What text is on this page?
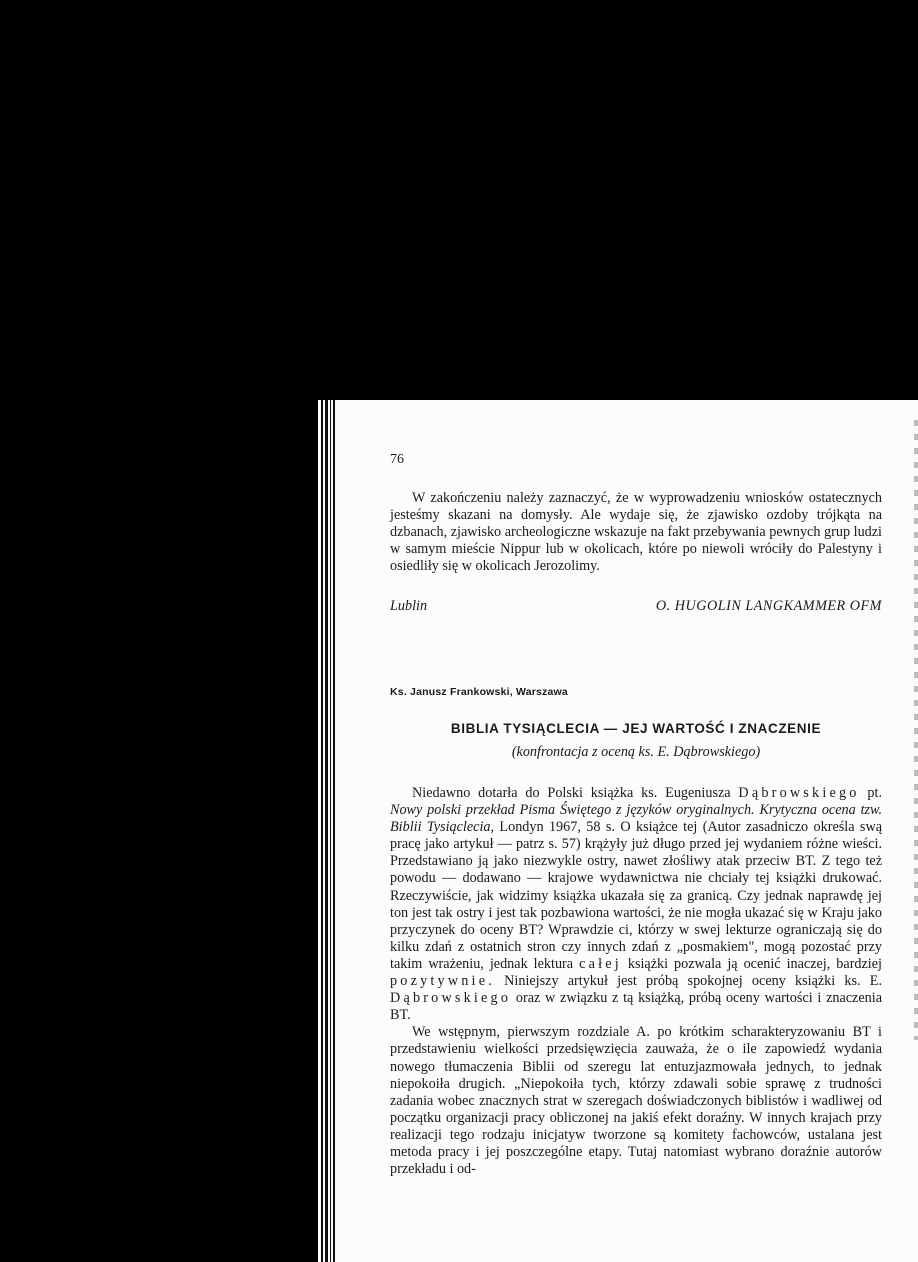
76

W zakończeniu należy zaznaczyć, że w wyprowadzeniu wniosków ostatecznych jesteśmy skazani na domysły. Ale wydaje się, że zjawisko ozdoby trójkąta na dzbanach, zjawisko archeologiczne wskazuje na fakt przebywania pewnych grup ludzi w samym mieście Nippur lub w okolicach, które po niewoli wróciły do Palestyny i osiedliły się w okolicach Jerozolimy.

Lublin	O. HUGOLIN LANGKAMMER OFM
Ks. Janusz Frankowski, Warszawa
BIBLIA TYSIĄCLECIA — JEJ WARTOŚĆ I ZNACZENIE
(konfrontacja z oceną ks. E. Dąbrowskiego)

Niedawno dotarła do Polski książka ks. Eugeniusza Dąbrowskiego pt. Nowy polski przekład Pisma Świętego z języków oryginalnych. Krytyczna ocena tzw. Biblii Tysiąclecia, Londyn 1967, 58 s. O książce tej (Autor zasadniczo określa swą pracę jako artykuł — patrz s. 57) krążyły już długo przed jej wydaniem różne wieści. Przedstawiano ją jako niezwykle ostry, nawet złośliwy atak przeciw BT. Z tego też powodu — dodawano — krajowe wydawnictwa nie chciały tej książki drukować. Rzeczywiście, jak widzimy książka ukazała się za granicą. Czy jednak naprawdę jej ton jest tak ostry i jest tak pozbawiona wartości, że nie mogła ukazać się w Kraju jako przyczynek do oceny BT? Wprawdzie ci, którzy w swej lekturze ograniczają się do kilku zdań z ostatnich stron czy innych zdań z „posmakiem", mogą pozostać przy takim wrażeniu, jednak lektura całej książki pozwala ją ocenić inaczej, bardziej pozytywnie. Niniejszy artykuł jest próbą spokojnej oceny książki ks. E. Dąbrowskiego oraz w związku z tą książką, próbą oceny wartości i znaczenia BT.

We wstępnym, pierwszym rozdziale A. po krótkim scharakteryzowaniu BT i przedstawieniu wielkości przedsięwzięcia zauważa, że o ile zapowiedź wydania nowego tłumaczenia Biblii od szeregu lat entuzjazmowała jednych, to jednak niepokoiła drugich. „Niepokoiła tych, którzy zdawali sobie sprawę z trudności zadania wobec znacznych strat w szeregach doświadczonych biblistów i wadliwej od początku organizacji pracy obliczonej na jakiś efekt doraźny. W innych krajach przy realizacji tego rodzaju inicjatyw tworzone są komitety fachowców, ustalana jest metoda pracy i jej poszczególne etapy. Tutaj natomiast wybrano doraźnie autorów przekładu i od-
